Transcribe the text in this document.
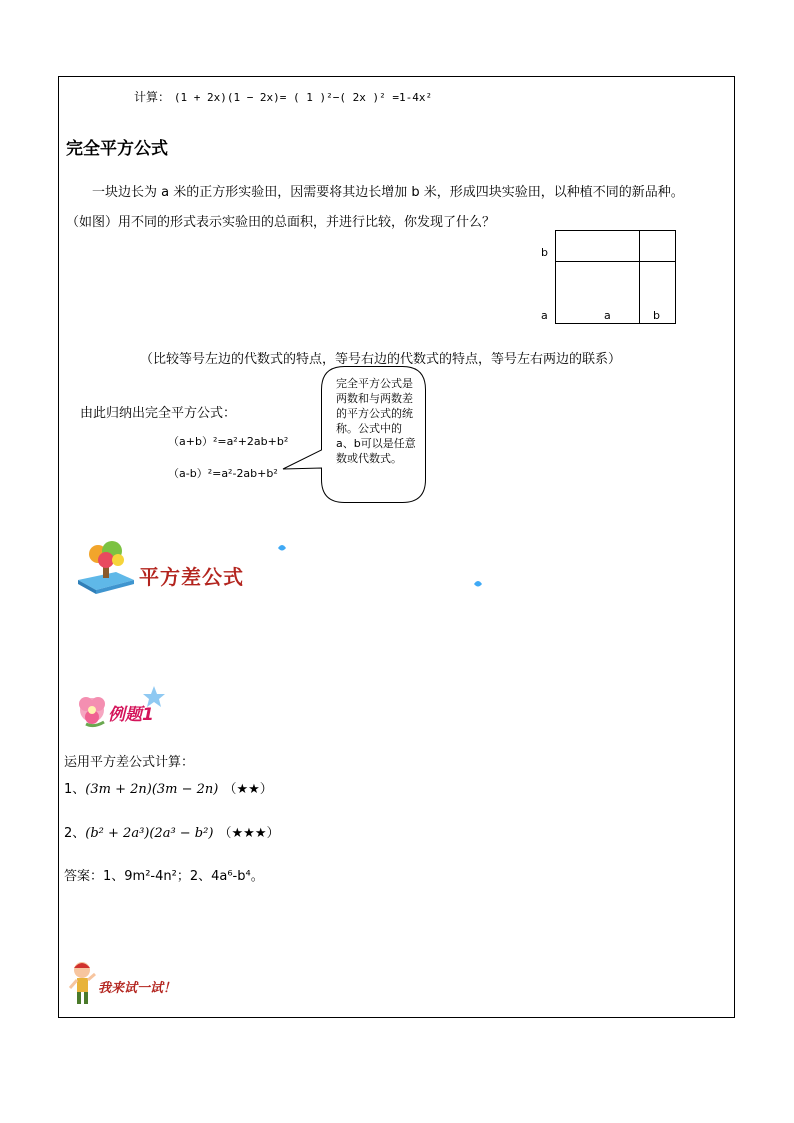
计算： (1 + 2x)(1 − 2x)= ( 1 )²−( 2x )² =1-4x²
完全平方公式
一块边长为 a 米的正方形实验田，因需要将其边长增加 b 米，形成四块实验田，以种植不同的新品种。
（如图）用不同的形式表示实验田的总面积，并进行比较，你发现了什么？
b
a	a	b
（比较等号左边的代数式的特点，等号右边的代数式的特点，等号左右两边的联系）
由此归纳出完全平方公式：
（a+b）²=a²+2ab+b²
（a-b）²=a²-2ab+b²
完全平方公式是两数和与两数差的平方公式的统称。公式中的a、b可以是任意数或代数式。
平方差公式
例题1
运用平方差公式计算：
1、(3m + 2n)(3m − 2n) （★★）
2、(b² + 2a³)(2a³ − b²) （★★★）
答案：1、9m²-4n²；2、4a⁶-b⁴。
我来试一试！
